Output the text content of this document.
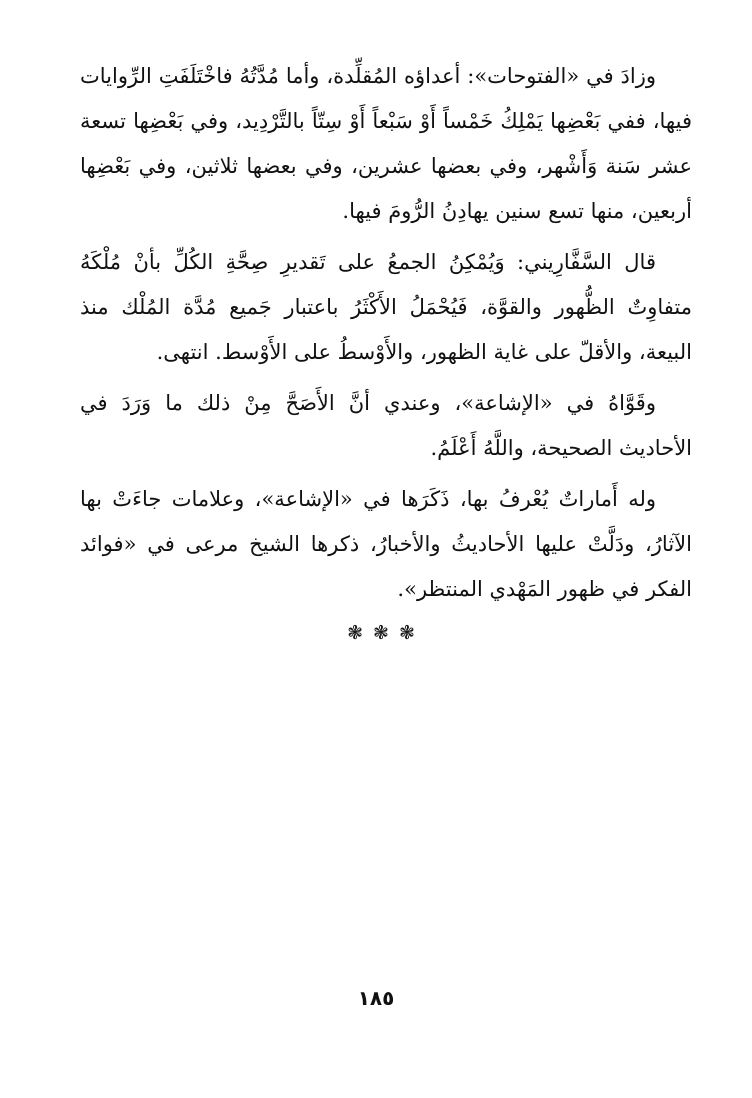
وزادَ في «الفتوحات»: أعداؤه المُقلِّدة، وأما مُدَّتُهُ فاخْتَلَفَتِ الرِّوايات فيها، ففي بَعْضِها يَمْلِكُ خَمْساً أَوْ سَبْعاً أَوْ سِتّاً بالتَّرْدِيد، وفي بَعْضِها تسعة عشر سَنة وَأَشْهر، وفي بعضها عشرين، وفي بعضها ثلاثين، وفي بَعْضِها أربعين، منها تسع سنين يهادِنُ الرُّومَ فيها.

قال السَّفَّارِيني: وَيُمْكِنُ الجمعُ على تَقديرِ صِحَّةِ الكُلِّ بأنْ مُلْكَهُ متفاوِتٌ الظُّهور والقوَّة، فَيُحْمَلُ الأَكْثَرُ باعتبار جَميع مُدَّة المُلْك منذ البيعة، والأقلّ على غاية الظهور، والأَوْسطُ على الأَوْسط. انتهى.

وقَوَّاهُ في «الإشاعة»، وعندي أنَّ الأَصَحَّ مِنْ ذلك ما وَرَدَ في الأحاديث الصحيحة، واللَّهُ أَعْلَمُ.

وله أَماراتٌ يُعْرفُ بها، ذَكَرَها في «الإشاعة»، وعلامات جاءَتْ بها الآثارُ، ودَلَّتْ عليها الأحاديثُ والأخبارُ، ذكرها الشيخ مرعى في «فوائد الفكر في ظهور المَهْدي المنتظر».

❃❃❃
١٨٥
